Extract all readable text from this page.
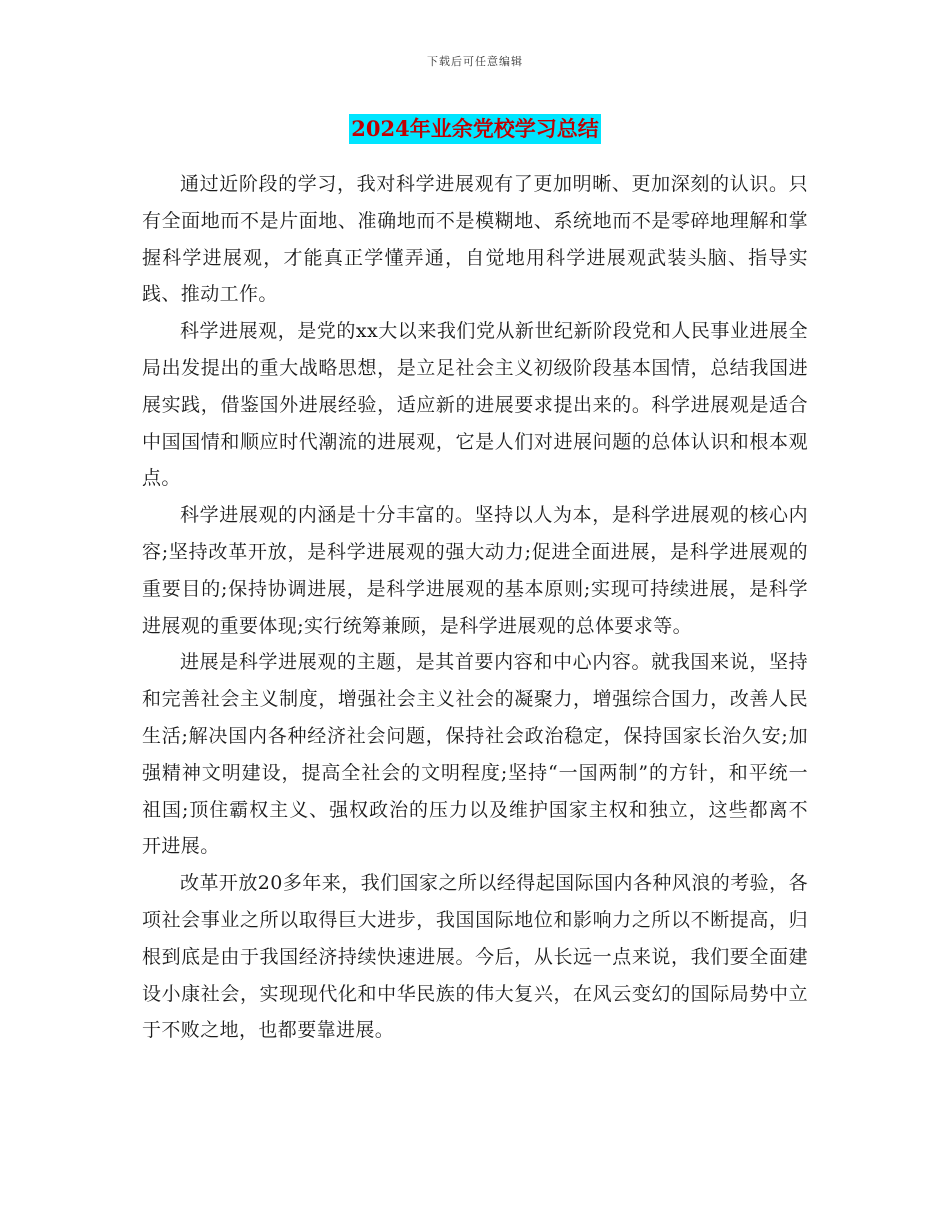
下载后可任意编辑
2024年业余党校学习总结

通过近阶段的学习，我对科学进展观有了更加明晰、更加深刻的认识。只有全面地而不是片面地、准确地而不是模糊地、系统地而不是零碎地理解和掌握科学进展观，才能真正学懂弄通，自觉地用科学进展观武装头脑、指导实践、推动工作。

科学进展观，是党的xx大以来我们党从新世纪新阶段党和人民事业进展全局出发提出的重大战略思想，是立足社会主义初级阶段基本国情，总结我国进展实践，借鉴国外进展经验，适应新的进展要求提出来的。科学进展观是适合中国国情和顺应时代潮流的进展观，它是人们对进展问题的总体认识和根本观点。

科学进展观的内涵是十分丰富的。坚持以人为本，是科学进展观的核心内容;坚持改革开放，是科学进展观的强大动力;促进全面进展，是科学进展观的重要目的;保持协调进展，是科学进展观的基本原则;实现可持续进展，是科学进展观的重要体现;实行统筹兼顾，是科学进展观的总体要求等。

进展是科学进展观的主题，是其首要内容和中心内容。就我国来说，坚持和完善社会主义制度，增强社会主义社会的凝聚力，增强综合国力，改善人民生活;解决国内各种经济社会问题，保持社会政治稳定，保持国家长治久安;加强精神文明建设，提高全社会的文明程度;坚持“一国两制”的方针，和平统一祖国;顶住霸权主义、强权政治的压力以及维护国家主权和独立，这些都离不开进展。

改革开放20多年来，我们国家之所以经得起国际国内各种风浪的考验，各项社会事业之所以取得巨大进步，我国国际地位和影响力之所以不断提高，归根到底是由于我国经济持续快速进展。今后，从长远一点来说，我们要全面建设小康社会，实现现代化和中华民族的伟大复兴，在风云变幻的国际局势中立于不败之地，也都要靠进展。
